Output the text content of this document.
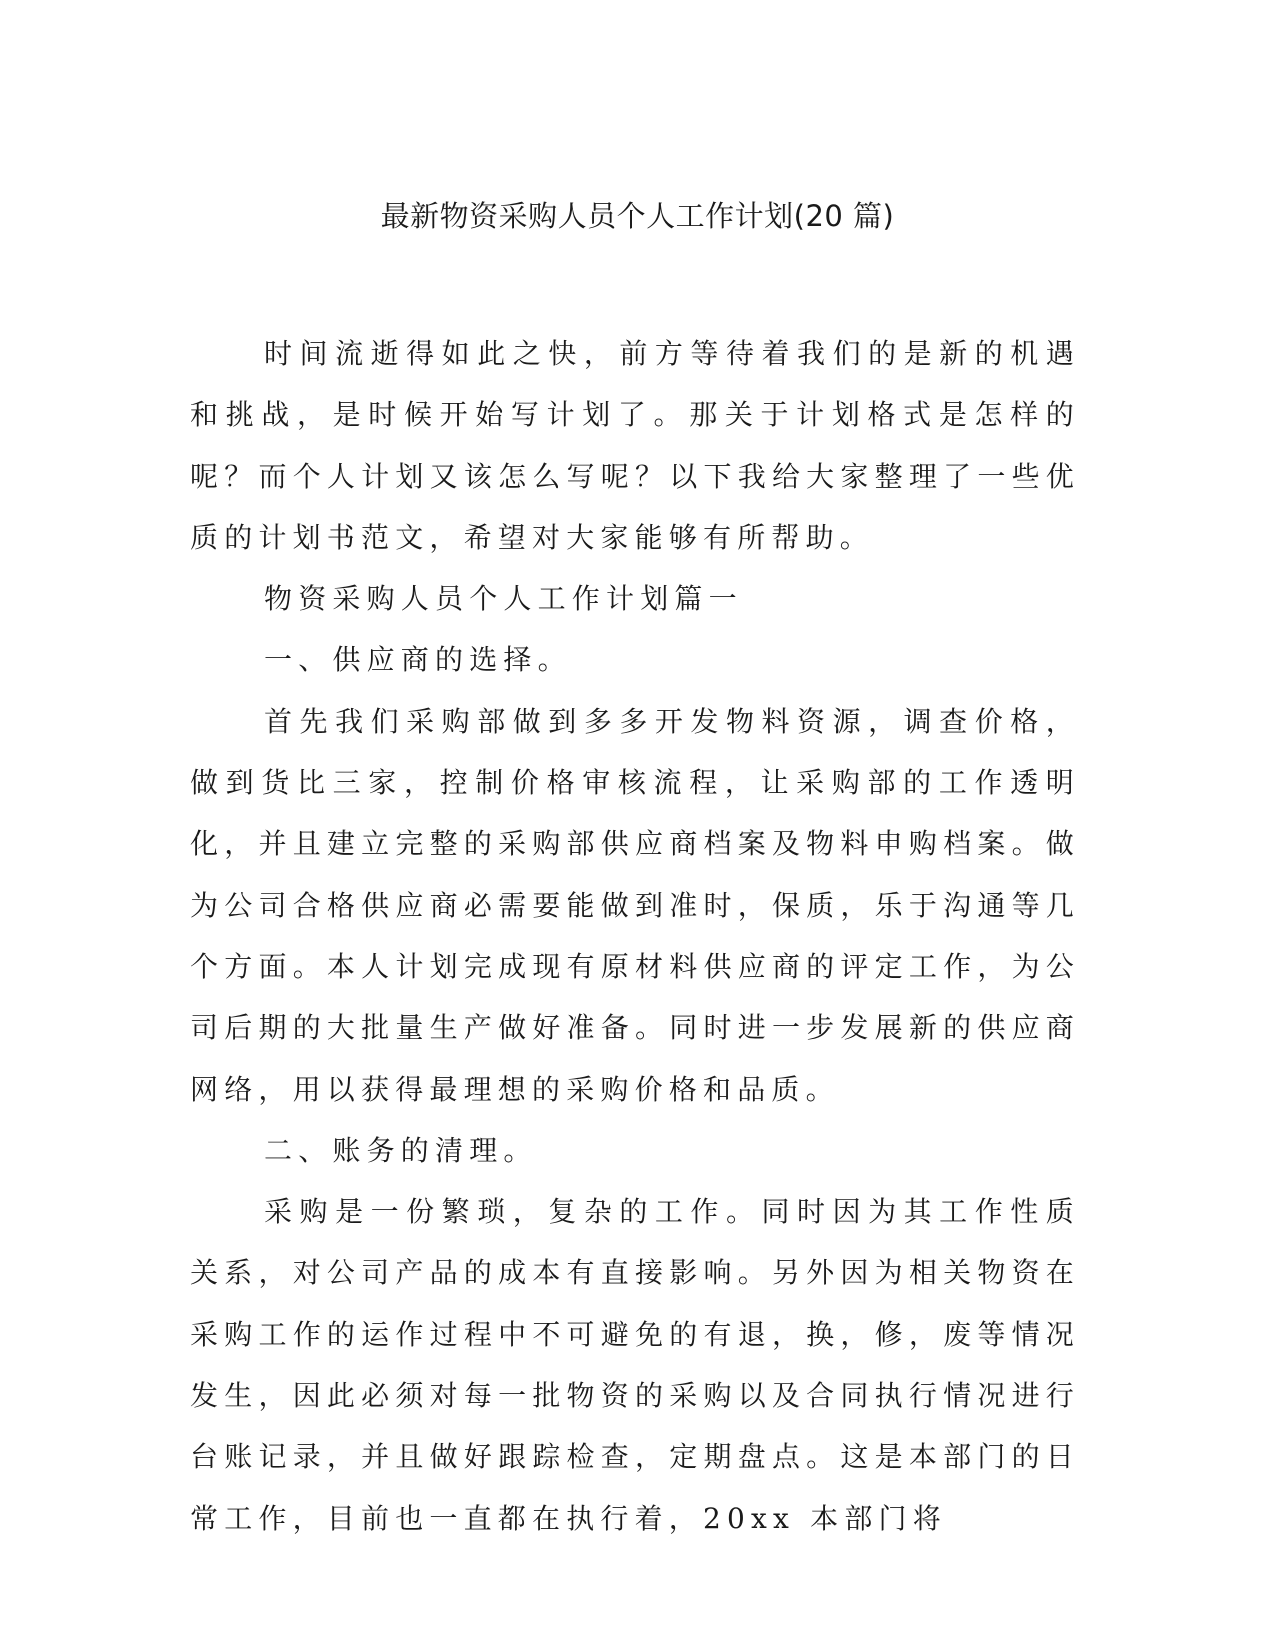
最新物资采购人员个人工作计划(20 篇)

时间流逝得如此之快，前方等待着我们的是新的机遇和挑战，是时候开始写计划了。那关于计划格式是怎样的呢？而个人计划又该怎么写呢？以下我给大家整理了一些优质的计划书范文，希望对大家能够有所帮助。

物资采购人员个人工作计划篇一

一、供应商的选择。

首先我们采购部做到多多开发物料资源，调查价格，做到货比三家，控制价格审核流程，让采购部的工作透明化，并且建立完整的采购部供应商档案及物料申购档案。做为公司合格供应商必需要能做到准时，保质，乐于沟通等几个方面。本人计划完成现有原材料供应商的评定工作，为公司后期的大批量生产做好准备。同时进一步发展新的供应商网络，用以获得最理想的采购价格和品质。

二、账务的清理。

采购是一份繁琐，复杂的工作。同时因为其工作性质关系，对公司产品的成本有直接影响。另外因为相关物资在采购工作的运作过程中不可避免的有退，换，修，废等情况发生，因此必须对每一批物资的采购以及合同执行情况进行台账记录，并且做好跟踪检查，定期盘点。这是本部门的日常工作，目前也一直都在执行着，20xx 本部门将
